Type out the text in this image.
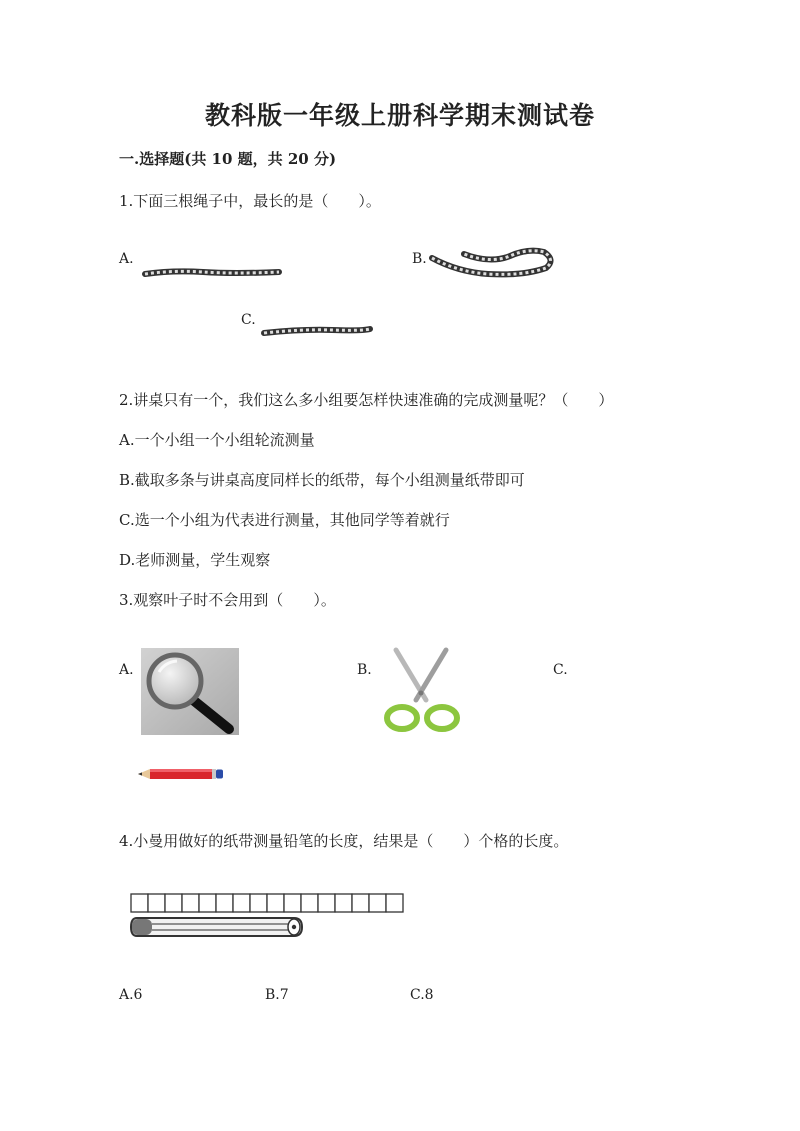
教科版一年级上册科学期末测试卷
一.选择题(共 10 题，共 20 分)
1.下面三根绳子中，最长的是（　　）。
A.	B.
C.
2.讲桌只有一个，我们这么多小组要怎样快速准确的完成测量呢？（　　）
A.一个小组一个小组轮流测量
B.截取多条与讲桌高度同样长的纸带，每个小组测量纸带即可
C.选一个小组为代表进行测量，其他同学等着就行
D.老师测量，学生观察
3.观察叶子时不会用到（　　）。
A.	B.	C.
4.小曼用做好的纸带测量铅笔的长度，结果是（　　）个格的长度。
A.6	B.7	C.8
